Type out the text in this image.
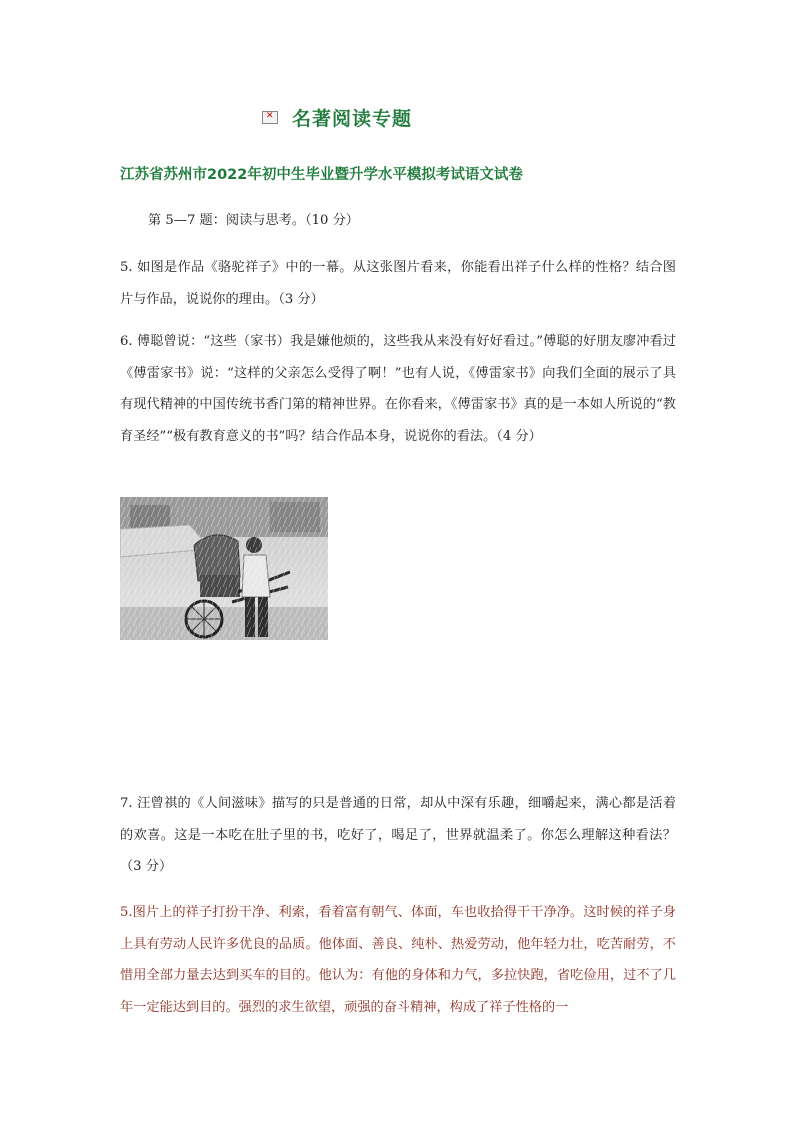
✕
名著阅读专题
江苏省苏州市2022年初中生毕业暨升学水平模拟考试语文试卷

第 5—7 题：阅读与思考。（10 分）

5. 如图是作品《骆驼祥子》中的一幕。从这张图片看来，你能看出祥子什么样的性格？结合图片与作品，说说你的理由。（3 分）

6. 傅聪曾说：“这些（家书）我是嫌他烦的，这些我从来没有好好看过。”傅聪的好朋友廖冲看过《傅雷家书》说：“这样的父亲怎么受得了啊！”也有人说，《傅雷家书》向我们全面的展示了具有现代精神的中国传统书香门第的精神世界。在你看来，《傅雷家书》真的是一本如人所说的“教育圣经”“极有教育意义的书”吗？结合作品本身，说说你的看法。（4 分）

7. 汪曾祺的《人间滋味》描写的只是普通的日常，却从中深有乐趣，细嚼起来，满心都是活着的欢喜。这是一本吃在肚子里的书，吃好了，喝足了，世界就温柔了。你怎么理解这种看法？（3 分）

5.图片上的祥子打扮干净、利索，看着富有朝气、体面，车也收拾得干干净净。这时候的祥子身上具有劳动人民许多优良的品质。他体面、善良、纯朴、热爱劳动，他年轻力壮，吃苦耐劳，不惜用全部力量去达到买车的目的。他认为：有他的身体和力气，多拉快跑，省吃俭用，过不了几年一定能达到目的。强烈的求生欲望，顽强的奋斗精神，构成了祥子性格的一
